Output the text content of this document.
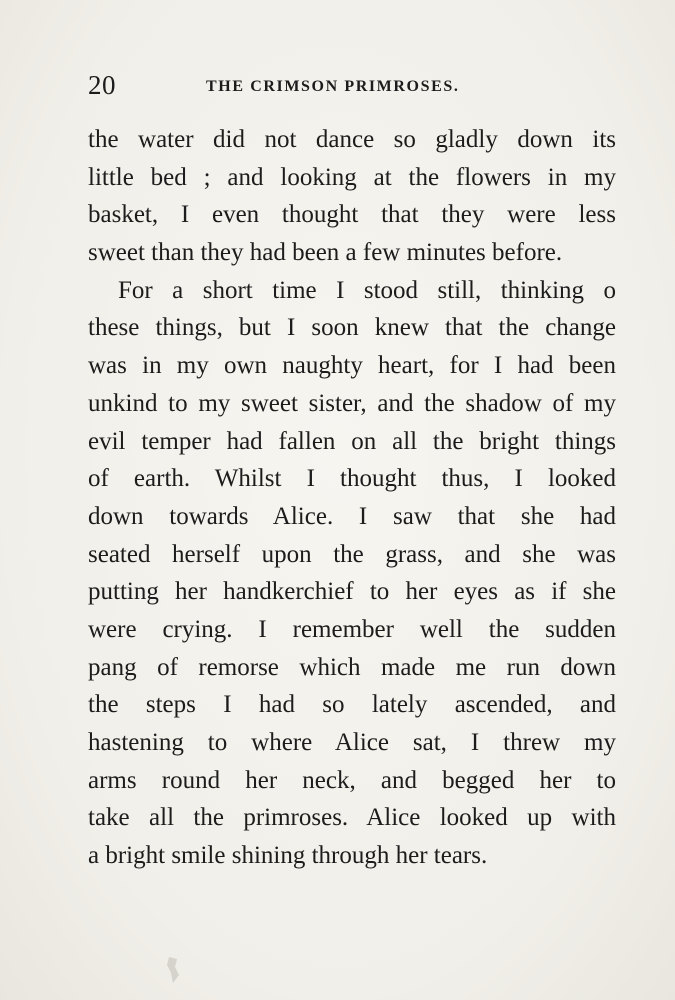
20	THE CRIMSON PRIMROSES.
the water did not dance so gladly down its
little bed ; and looking at the flowers in my
basket, I even thought that they were less
sweet than they had been a few minutes before.
For a short time I stood still, thinking o
these things, but I soon knew that the change
was in my own naughty heart, for I had been
unkind to my sweet sister, and the shadow of my
evil temper had fallen on all the bright things
of earth. Whilst I thought thus, I looked
down towards Alice. I saw that she had
seated herself upon the grass, and she was
putting her handkerchief to her eyes as if she
were crying. I remember well the sudden
pang of remorse which made me run down
the steps I had so lately ascended, and
hastening to where Alice sat, I threw my
arms round her neck, and begged her to
take all the primroses. Alice looked up with
a bright smile shining through her tears.
